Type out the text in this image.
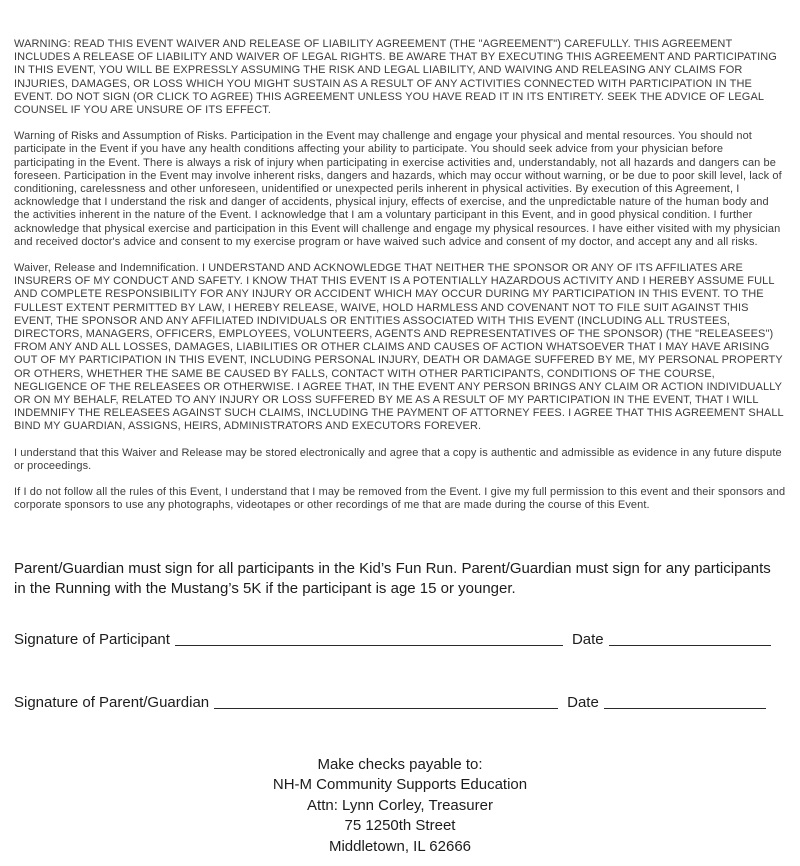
WARNING: READ THIS EVENT WAIVER AND RELEASE OF LIABILITY AGREEMENT (THE "AGREEMENT") CAREFULLY. THIS AGREEMENT INCLUDES A RELEASE OF LIABILITY AND WAIVER OF LEGAL RIGHTS. BE AWARE THAT BY EXECUTING THIS AGREEMENT AND PARTICIPATING IN THIS EVENT, YOU WILL BE EXPRESSLY ASSUMING THE RISK AND LEGAL LIABILITY, AND WAIVING AND RELEASING ANY CLAIMS FOR INJURIES, DAMAGES, OR LOSS WHICH YOU MIGHT SUSTAIN AS A RESULT OF ANY ACTIVITIES CONNECTED WITH PARTICIPATION IN THE EVENT. DO NOT SIGN (OR CLICK TO AGREE) THIS AGREEMENT UNLESS YOU HAVE READ IT IN ITS ENTIRETY. SEEK THE ADVICE OF LEGAL COUNSEL IF YOU ARE UNSURE OF ITS EFFECT.

Warning of Risks and Assumption of Risks. Participation in the Event may challenge and engage your physical and mental resources. You should not participate in the Event if you have any health conditions affecting your ability to participate. You should seek advice from your physician before participating in the Event. There is always a risk of injury when participating in exercise activities and, understandably, not all hazards and dangers can be foreseen. Participation in the Event may involve inherent risks, dangers and hazards, which may occur without warning, or be due to poor skill level, lack of conditioning, carelessness and other unforeseen, unidentified or unexpected perils inherent in physical activities. By execution of this Agreement, I acknowledge that I understand the risk and danger of accidents, physical injury, effects of exercise, and the unpredictable nature of the human body and the activities inherent in the nature of the Event. I acknowledge that I am a voluntary participant in this Event, and in good physical condition. I further acknowledge that physical exercise and participation in this Event will challenge and engage my physical resources. I have either visited with my physician and received doctor's advice and consent to my exercise program or have waived such advice and consent of my doctor, and accept any and all risks.

Waiver, Release and Indemnification. I UNDERSTAND AND ACKNOWLEDGE THAT NEITHER THE SPONSOR OR ANY OF ITS AFFILIATES ARE INSURERS OF MY CONDUCT AND SAFETY. I KNOW THAT THIS EVENT IS A POTENTIALLY HAZARDOUS ACTIVITY AND I HEREBY ASSUME FULL AND COMPLETE RESPONSIBILITY FOR ANY INJURY OR ACCIDENT WHICH MAY OCCUR DURING MY PARTICIPATION IN THIS EVENT. TO THE FULLEST EXTENT PERMITTED BY LAW, I HEREBY RELEASE, WAIVE, HOLD HARMLESS AND COVENANT NOT TO FILE SUIT AGAINST THIS EVENT, THE SPONSOR AND ANY AFFILIATED INDIVIDUALS OR ENTITIES ASSOCIATED WITH THIS EVENT (INCLUDING ALL TRUSTEES, DIRECTORS, MANAGERS, OFFICERS, EMPLOYEES, VOLUNTEERS, AGENTS AND REPRESENTATIVES OF THE SPONSOR) (THE "RELEASEES") FROM ANY AND ALL LOSSES, DAMAGES, LIABILITIES OR OTHER CLAIMS AND CAUSES OF ACTION WHATSOEVER THAT I MAY HAVE ARISING OUT OF MY PARTICIPATION IN THIS EVENT, INCLUDING PERSONAL INJURY, DEATH OR DAMAGE SUFFERED BY ME, MY PERSONAL PROPERTY OR OTHERS, WHETHER THE SAME BE CAUSED BY FALLS, CONTACT WITH OTHER PARTICIPANTS, CONDITIONS OF THE COURSE, NEGLIGENCE OF THE RELEASEES OR OTHERWISE. I AGREE THAT, IN THE EVENT ANY PERSON BRINGS ANY CLAIM OR ACTION INDIVIDUALLY OR ON MY BEHALF, RELATED TO ANY INJURY OR LOSS SUFFERED BY ME AS A RESULT OF MY PARTICIPATION IN THE EVENT, THAT I WILL INDEMNIFY THE RELEASEES AGAINST SUCH CLAIMS, INCLUDING THE PAYMENT OF ATTORNEY FEES. I AGREE THAT THIS AGREEMENT SHALL BIND MY GUARDIAN, ASSIGNS, HEIRS, ADMINISTRATORS AND EXECUTORS FOREVER.

I understand that this Waiver and Release may be stored electronically and agree that a copy is authentic and admissible as evidence in any future dispute or proceedings.

If I do not follow all the rules of this Event, I understand that I may be removed from the Event. I give my full permission to this event and their sponsors and corporate sponsors to use any photographs, videotapes or other recordings of me that are made during the course of this Event.

Parent/Guardian must sign for all participants in the Kid’s Fun Run. Parent/Guardian must sign for any participants in the Running with the Mustang’s 5K if the participant is age 15 or younger.

Signature of Participant	Date
Signature of Parent/Guardian	Date
Make checks payable to:
NH-M Community Supports Education
Attn: Lynn Corley, Treasurer
75 1250th Street
Middletown, IL 62666
